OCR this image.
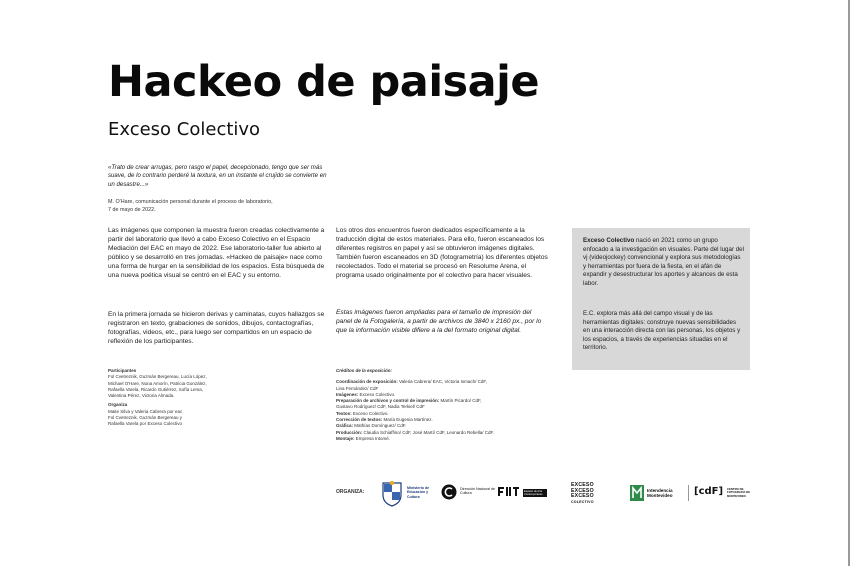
Hackeo de paisaje
Exceso Colectivo
«Trato de crear arrugas, pero rasgo el papel, decepcionado, tengo que ser más suave, de lo contrario perderé la textura, en un instante el crujido se convierte en un desastre...»
M. O'Hare, comunicación personal durante el proceso de laboratorio,
7 de mayo de 2022.

Las imágenes que componen la muestra fueron creadas colectivamente a partir del laboratorio que llevó a cabo Exceso Colectivo en el Espacio Mediación del EAC en mayo de 2022. Ese laboratorio-taller fue abierto al público y se desarrolló en tres jornadas. «Hackeo de paisaje» nace como una forma de hurgar en la sensibilidad de los espacios. Esta búsqueda de una nueva poética visual se centró en el EAC y su entorno.

En la primera jornada se hicieron derivas y caminatas, cuyos hallazgos se registraron en texto, grabaciones de sonidos, dibujos, contactografías, fotografías, videos, etc., para luego ser compartidos en un espacio de reflexión de los participantes.

Los otros dos encuentros fueron dedicados específicamente a la traducción digital de estos materiales. Para ello, fueron escaneados los diferentes registros en papel y así se obtuvieron imágenes digitales. También fueron escaneados en 3D (fotogrametría) los diferentes objetos recolectados. Todo el material se procesó en Resolume Arena, el programa usado originalmente por el colectivo para hacer visuales.

Estas imágenes fueron ampliadas para el tamaño de impresión del panel de la Fotogalería, a partir de archivos de 3840 x 2160 px., por lo que la información visible difiere a la del formato original digital.

Exceso Colectivo nació en 2021 como un grupo enfocado a la investigación en visuales. Parte del lugar del vj (videojockey) convencional y explora sus metodologías y herramientas por fuera de la fiesta, en el afán de expandir y desestructurar los aportes y alcances de esta labor.

E.C. explora más allá del campo visual y de las herramientas digitales: construye nuevas sensibilidades en una interacción directa con las personas, los objetos y los espacios, a través de experiencias situadas en el territorio.

Participantes
Fol Cvetreznik, Guzmán Bergereau, Lucía López,
Michael O'Hare, Nuna Amorín, Patricia González,
Rafaella Varela, Ricardo Gutiérrez, Sofía Lema,
Valentina Pérez, Victoria Almada.
Organiza
Maite Silva y Valeria Cabrera por eac
Fol Cvetreznik, Guzmán Bergereau y
Rafaella Varela por Exceso Colectivo
Créditos de la exposición:
Coordinación de exposición: Valeria Cabrera/ EAC, Victoria Ismach/ CdF,
Lina Fernández/ CdF
Imágenes: Exceso Colectivo.
Preparación de archivos y control de impresión: Martín Picardo/ CdF,
Gustavo Rodríguez/ CdF, Nadia Terkiel/ CdF
Textos: Exceso Colectivo.
Corrección de textos: María Eugenia Martínez.
Gráfica: Mathías Domínguez/ CdF.
Producción: Claudia Schiaffino/ CdF, José Martí/ CdF, Leonardo Rebella/ CdF.
Montaje: Empresa Intomé.
ORGANIZA:
Ministerio de Educación y Cultura
Dirección Nacional de Cultura	Espacio de Arte Contemporáneo
EXCESO
EXCESO
EXCESO
COLECTIVO
Intendencia Montevideo	[cdF] CENTRO DE FOTOGRAFÍA DE MONTEVIDEO
